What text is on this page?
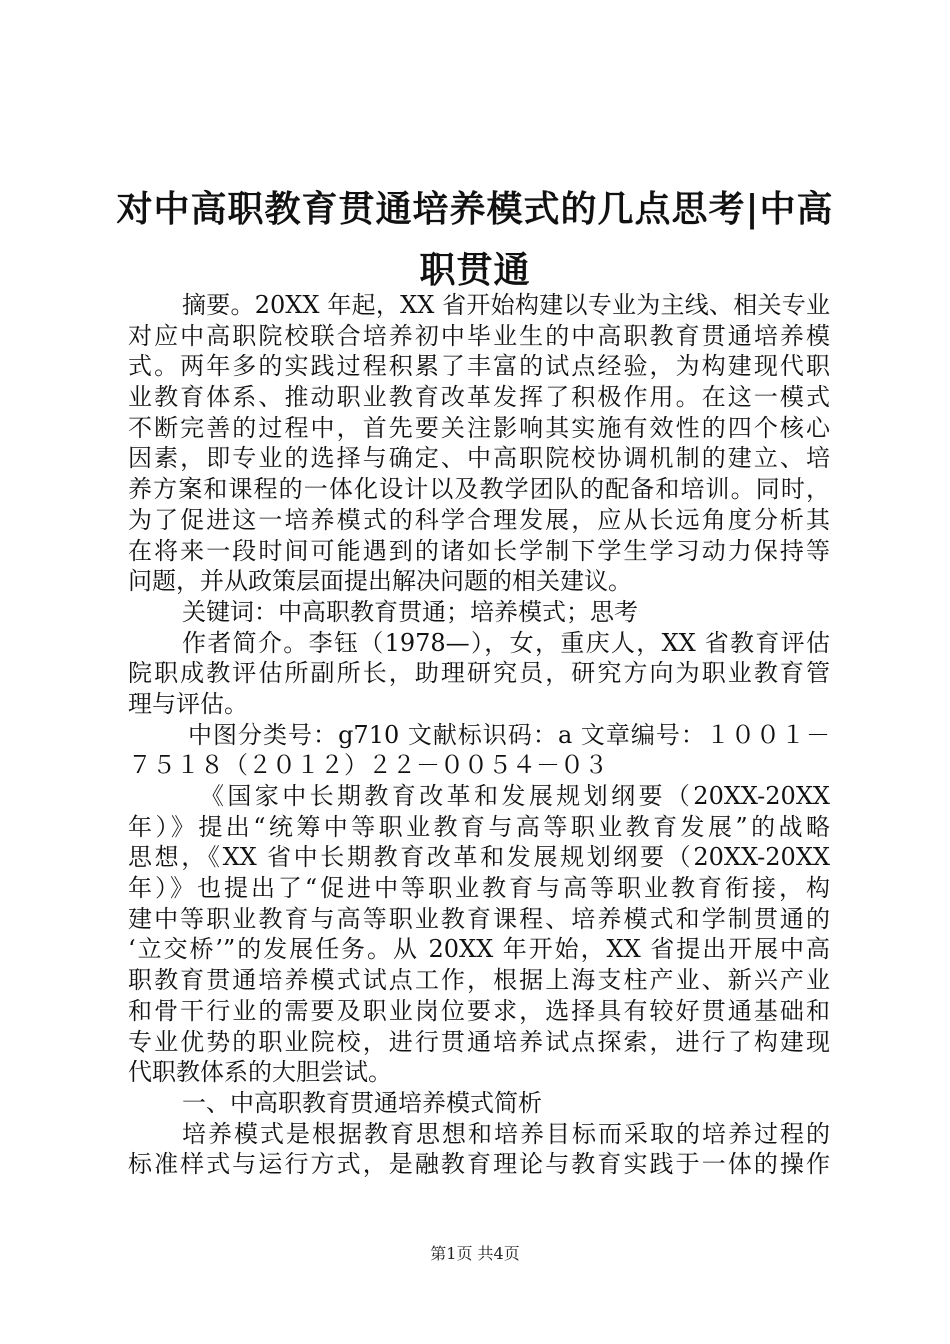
对中高职教育贯通培养模式的几点思考|中高
职贯通
摘要。20XX 年起，XX 省开始构建以专业为主线、相关专业
对应中高职院校联合培养初中毕业生的中高职教育贯通培养模
式。两年多的实践过程积累了丰富的试点经验，为构建现代职
业教育体系、推动职业教育改革发挥了积极作用。在这一模式
不断完善的过程中，首先要关注影响其实施有效性的四个核心
因素，即专业的选择与确定、中高职院校协调机制的建立、培
养方案和课程的一体化设计以及教学团队的配备和培训。同时，
为了促进这一培养模式的科学合理发展，应从长远角度分析其
在将来一段时间可能遇到的诸如长学制下学生学习动力保持等
问题，并从政策层面提出解决问题的相关建议。
关键词：中高职教育贯通；培养模式；思考
作者简介。李钰（1978—），女，重庆人，XX 省教育评估
院职成教评估所副所长，助理研究员，研究方向为职业教育管
理与评估。
中图分类号：g710 文献标识码：a 文章编号：１００１－
７５１８（２０１２）２２－００５４－０３
《国家中长期教育改革和发展规划纲要（20XX-20XX
年）》提出“统筹中等职业教育与高等职业教育发展”的战略
思想，《XX 省中长期教育改革和发展规划纲要（20XX-20XX
年）》也提出了“促进中等职业教育与高等职业教育衔接，构
建中等职业教育与高等职业教育课程、培养模式和学制贯通的
‘立交桥’”的发展任务。从 20XX 年开始，XX 省提出开展中高
职教育贯通培养模式试点工作，根据上海支柱产业、新兴产业
和骨干行业的需要及职业岗位要求，选择具有较好贯通基础和
专业优势的职业院校，进行贯通培养试点探索，进行了构建现
代职教体系的大胆尝试。
一、中高职教育贯通培养模式简析
培养模式是根据教育思想和培养目标而采取的培养过程的
标准样式与运行方式，是融教育理论与教育实践于一体的操作
第1页 共4页
